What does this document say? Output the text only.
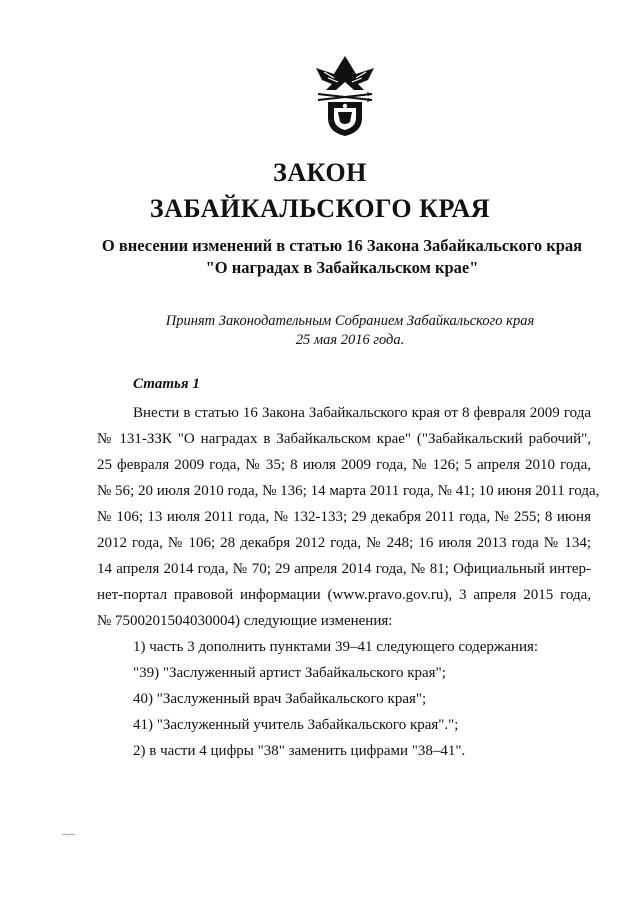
ЗАКОН
ЗАБАЙКАЛЬСКОГО КРАЯ
О внесении изменений в статью 16 Закона Забайкальского края
"О наградах в Забайкальском крае"
Принят Законодательным Собранием Забайкальского края
25 мая 2016 года.
Статья 1
Внести в статью 16 Закона Забайкальского края от 8 февраля 2009 года
№ 131-ЗЗК "О наградах в Забайкальском крае" ("Забайкальский рабочий",
25 февраля 2009 года, № 35; 8 июля 2009 года, № 126; 5 апреля 2010 года,
№ 56; 20 июля 2010 года, № 136; 14 марта 2011 года, № 41; 10 июня 2011 года,
№ 106; 13 июля 2011 года, № 132-133; 29 декабря 2011 года, № 255; 8 июня
2012 года, № 106; 28 декабря 2012 года, № 248; 16 июля 2013 года № 134;
14 апреля 2014 года, № 70; 29 апреля 2014 года, № 81; Официальный интер-
нет-портал правовой информации (www.pravo.gov.ru), 3 апреля 2015 года,
№ 7500201504030004) следующие изменения:
1) часть 3 дополнить пунктами 39–41 следующего содержания:
"39) "Заслуженный артист Забайкальского края";
40) "Заслуженный врач Забайкальского края";
41) "Заслуженный учитель Забайкальского края".";
2) в части 4 цифры "38" заменить цифрами "38–41".
